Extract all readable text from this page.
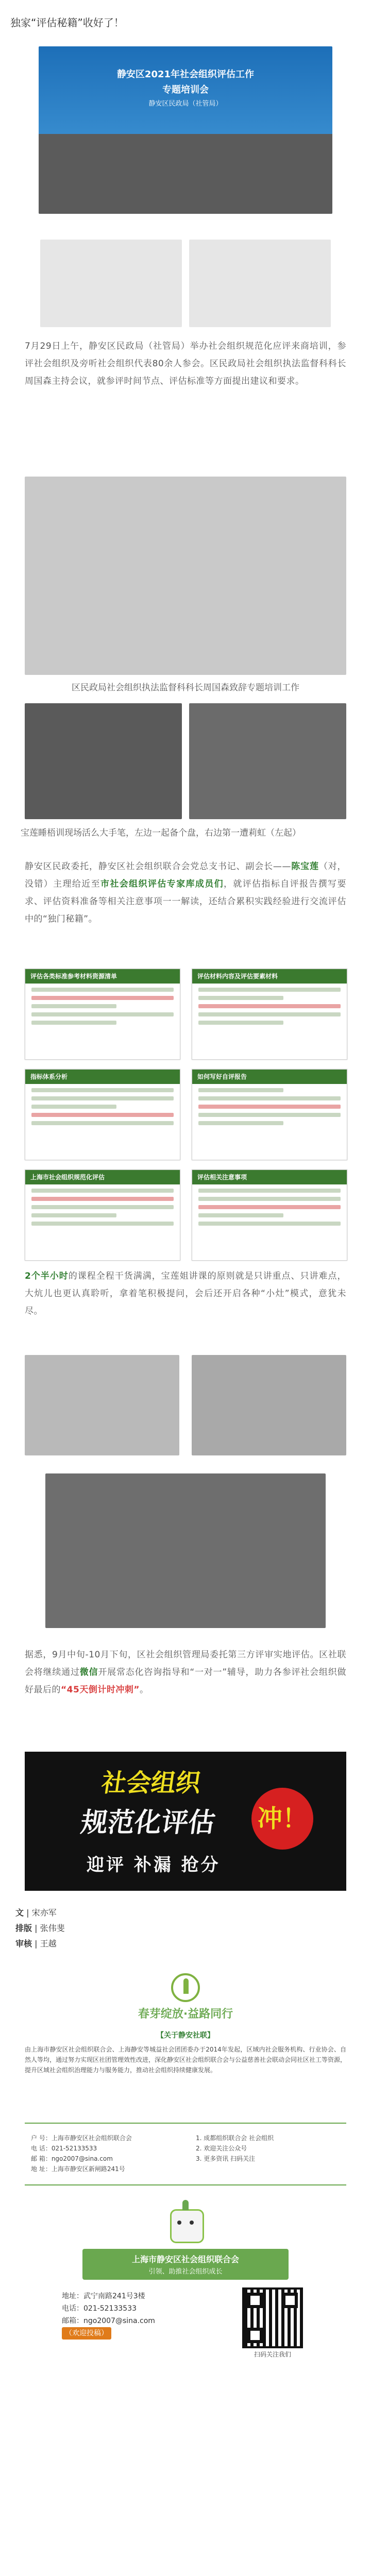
独家“评估秘籍”收好了！
静安区2021年社会组织评估工作
专题培训会
静安区民政局（社管局）
7月29日上午，静安区民政局（社管局）举办社会组织规范化应评来商培训，参评社会组织及旁听社会组织代表80余人参会。区民政局社会组织执法监督科科长周国森主持会议，就参评时间节点、评估标准等方面提出建议和要求。
区民政局社会组织执法监督科科长周国森致辞专题培训工作
宝莲睡梧训现场活么大手笔，左边一起备个盘，右边第一遭莉虹（左起）
静安区民政委托，静安区社会组织联合会党总支书记、副会长——陈宝莲（对，没错）主理给近至市社会组织评估专家库成员们，就评估指标自评报告撰写要求、评估资料准备等相关注意事项一一解读，还结合累积实践经验进行交流评估中的“独门秘籍”。
评估各类标准参考材料资源清单	评估材料内容及评估要素材料
指标体系分析	如何写好自评报告
上海市社会组织规范化评估	评估相关注意事项
2个半小时的课程全程干货满满，宝莲姐讲课的原则就是只讲重点、只讲难点，大炕儿也更认真聆听，拿着笔积极提问，会后还开启各种“小灶”模式，意犹未尽。
据悉，9月中旬-10月下旬，区社会组织管理局委托第三方评审实地评估。区社联会将继续通过微信开展常态化咨询指导和“一对一”辅导，助力各参评社会组织做好最后的“45天倒计时冲刺”。
社会组织
规范化评估 冲！
迎评 补漏 抢分
文 | 宋亦军
排版 | 张伟斐
审核 | 王越
春芽绽放·益路同行
【关于静安社联】
由上海市静安区社会组织联合会、上海静安等城益社会团团委办于2014年发起，区域内社会服务机构、行业协会、自然人等均，通过努力实现区社团管理效性改进，深化静安区社会组织联合会与公益慈善社会联动会同社区社工等资源，提升区域社会组织治理能力与服务能力，推动社会组织持续健康发展。
户 号：上海市静安区社会组织联合会
电 话：021-52133533
邮 箱：ngo2007@sina.com
地 址：上海市静安区新闸路241号
1. 成都组织联合会 社会组织
2. 欢迎关注公众号
3. 更多资讯 扫码关注
上海市静安区社会组织联合会
引领、助推社会组织成长
地址：武宁南路241号3楼
电话：021-52133533
邮箱：ngo2007@sina.com
（欢迎投稿）
扫码关注我们
